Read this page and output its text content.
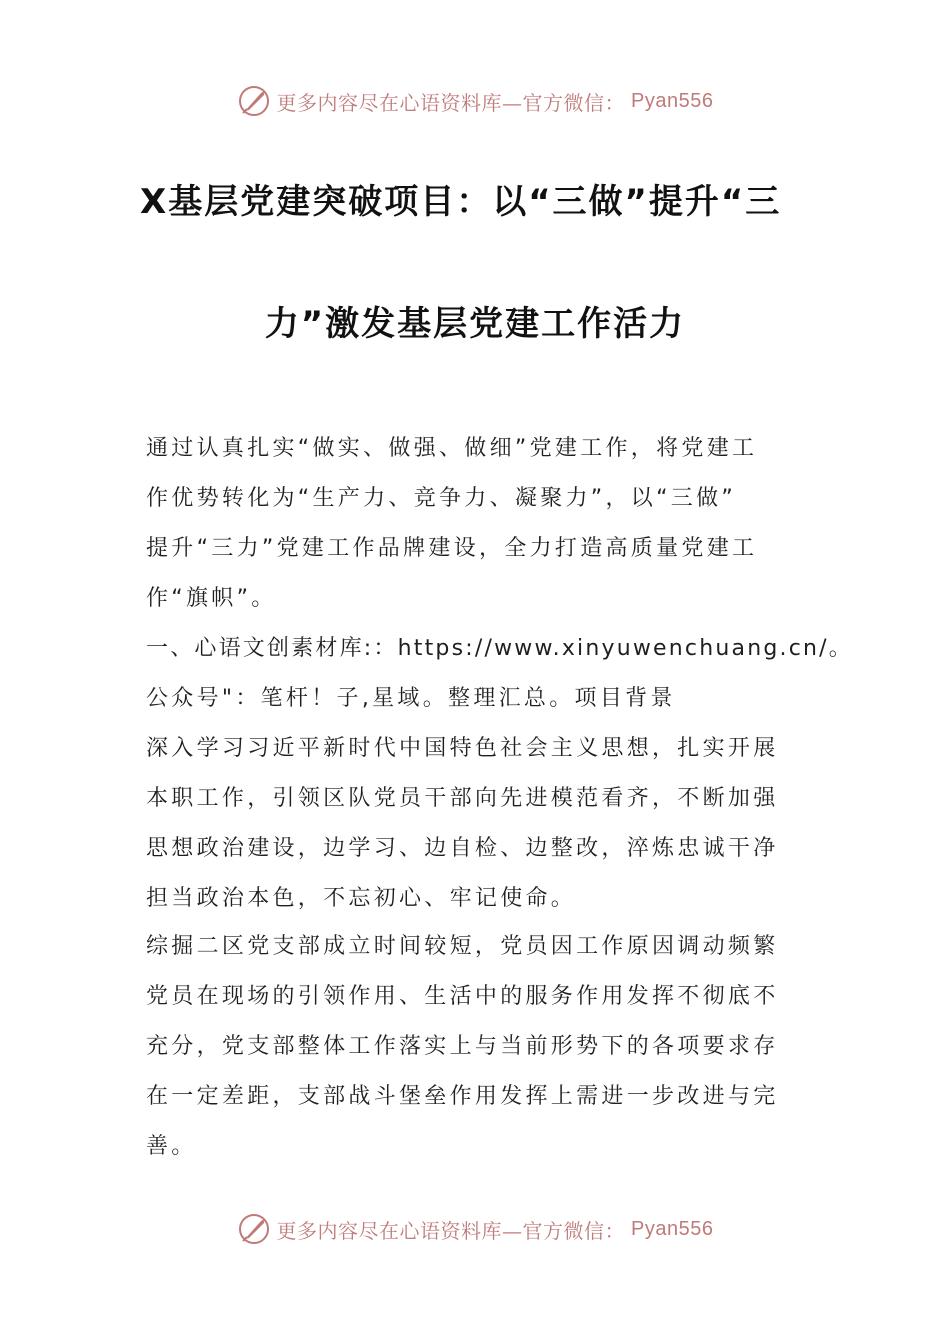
更多内容尽在心语资料库—官方微信： Pyan556
X基层党建突破项目：以“三做”提升“三
力”激发基层党建工作活力
通过认真扎实“做实、做强、做细”党建工作，将党建工
作优势转化为“生产力、竞争力、凝聚力”，以“三做”
提升“三力”党建工作品牌建设，全力打造高质量党建工
作“旗帜”。
一、心语文创素材库:：https://www.xinyuwenchuang.cn/。
公众号"：笔杆！子,星域。整理汇总。项目背景
深入学习习近平新时代中国特色社会主义思想，扎实开展
本职工作，引领区队党员干部向先进模范看齐，不断加强
思想政治建设，边学习、边自检、边整改，淬炼忠诚干净
担当政治本色，不忘初心、牢记使命。
综掘二区党支部成立时间较短，党员因工作原因调动频繁
党员在现场的引领作用、生活中的服务作用发挥不彻底不
充分，党支部整体工作落实上与当前形势下的各项要求存
在一定差距，支部战斗堡垒作用发挥上需进一步改进与完
善。
更多内容尽在心语资料库—官方微信： Pyan556
